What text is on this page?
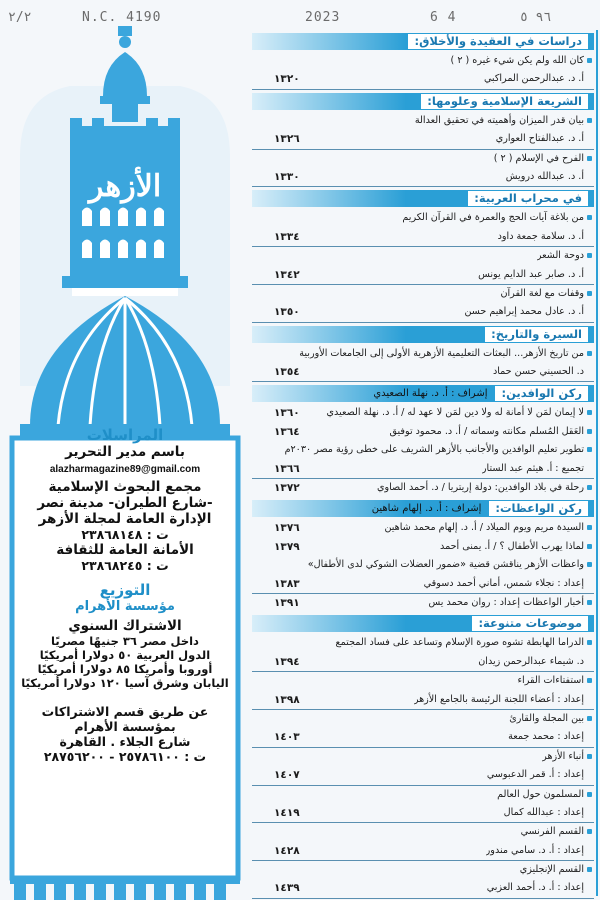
٢/٢	N.C. 4190	2023	6 4	٩٦ ٥
الأزهر
المراسلات
باسم مدير التحرير
alazharmagazine89@gmail.com
مجمع البحوث الإسلامية
-شارع الطيران- مدينة نصر
الإدارة العامة لمجلة الأزهر
ت : ٢٣٨٦٨١٤٨
الأمانة العامة للثقافة
ت : ٢٣٨٦٨٢٤٥
التوزيع
مؤسسة الأهرام
الاشتراك السنوي
داخل مصر ٣٦ جنيهًا مصريًا
الدول العربية ٥٠ دولارا أمريكيًا
أوروبا وأمريكا ٨٥ دولارا أمريكيًا
اليابان وشرق آسيا ١٢٠ دولارا أمريكيًا
عن طريق قسم الاشتراكات
بمؤسسة الأهرام
شارع الجلاء . القاهرة
ت : ٢٥٧٨٦١٠٠ - ٢٨٧٥٦٢٠٠
دراسات في العقيدة والأخلاق:
كان الله ولم يكن شيء غيره ( ٢ )
أ. د. عبدالرحمن المراكبي
١٣٢٠
الشريعة الإسلامية وعلومها:
بيان قدر الميزان وأهميته في تحقيق العدالة
أ. د. عبدالفتاح العواري
١٣٢٦
الفرح في الإسلام ( ٢ )
أ. د. عبدالله درويش
١٣٣٠
في محراب العربية:
من بلاغة آيات الحج والعمرة في القرآن الكريم
أ. د. سلامة جمعة داود
١٣٣٤
دوحة الشعر
أ. د. صابر عبد الدايم يونس
١٣٤٢
وقفات مع لغة القرآن
أ. د. عادل محمد إبراهيم حسن
١٣٥٠
السيرة والتاريخ:
من تاريخ الأزهر... البعثات التعليمية الأزهرية الأولى إلى الجامعات الأوربية
د. الحسيني حسن حماد
١٣٥٤
ركن الوافدين:
إشراف : أ. د. نهلة الصعيدي
لا إيمان لمَن لا أمانة له ولا دين لمَن لا عهد له / أ. د. نهلة الصعيدي
١٣٦٠
العَقل المُسلم مكانته وسماته / أ. د. محمود توفيق
١٣٦٤
تطوير تعليم الوافدين والأجانب بالأزهر الشريف على خطى رؤية مصر ٢٠٣٠م
تجميع : أ. هيثم عبد الستار
١٣٦٦
رحلة في بلاد الوافدين: دولة إريتريا / د. أحمد الصاوي
١٣٧٢
ركن الواعظات:
إشراف : أ. د. إلهام شاهين
السيدة مريم ويوم الميلاد / أ. د. إلهام محمد شاهين
١٣٧٦
لماذا يهرب الأطفال ؟ / أ. يمنى أحمد
١٣٧٩
واعظات الأزهر يناقشن قضية «ضمور العضلات الشوكي لدى الأطفال»
إعداد : نجلاء شمس، أماني أحمد دسوقي
١٣٨٣
أخبار الواعظات إعداد : روان محمد يس
١٣٩١
موضوعات متنوعة:
الدراما الهابطة تشوه صورة الإسلام وتساعد على فساد المجتمع
د. شيماء عبدالرحمن زيدان
١٣٩٤
استفتاءات القراء
إعداد : أعضاء اللجنة الرئيسة بالجامع الأزهر
١٣٩٨
بين المجلة والقارئ
إعداد : محمد جمعة
١٤٠٣
أنباء الأزهر
إعداد : أ. قمر الدعبوسي
١٤٠٧
المسلمون حول العالم
إعداد : عبدالله كمال
١٤١٩
القسم الفرنسي
إعداد : أ. د. سامي مندور
١٤٢٨
القسم الإنجليزي
إعداد : أ. د. أحمد العزبي
١٤٣٩
